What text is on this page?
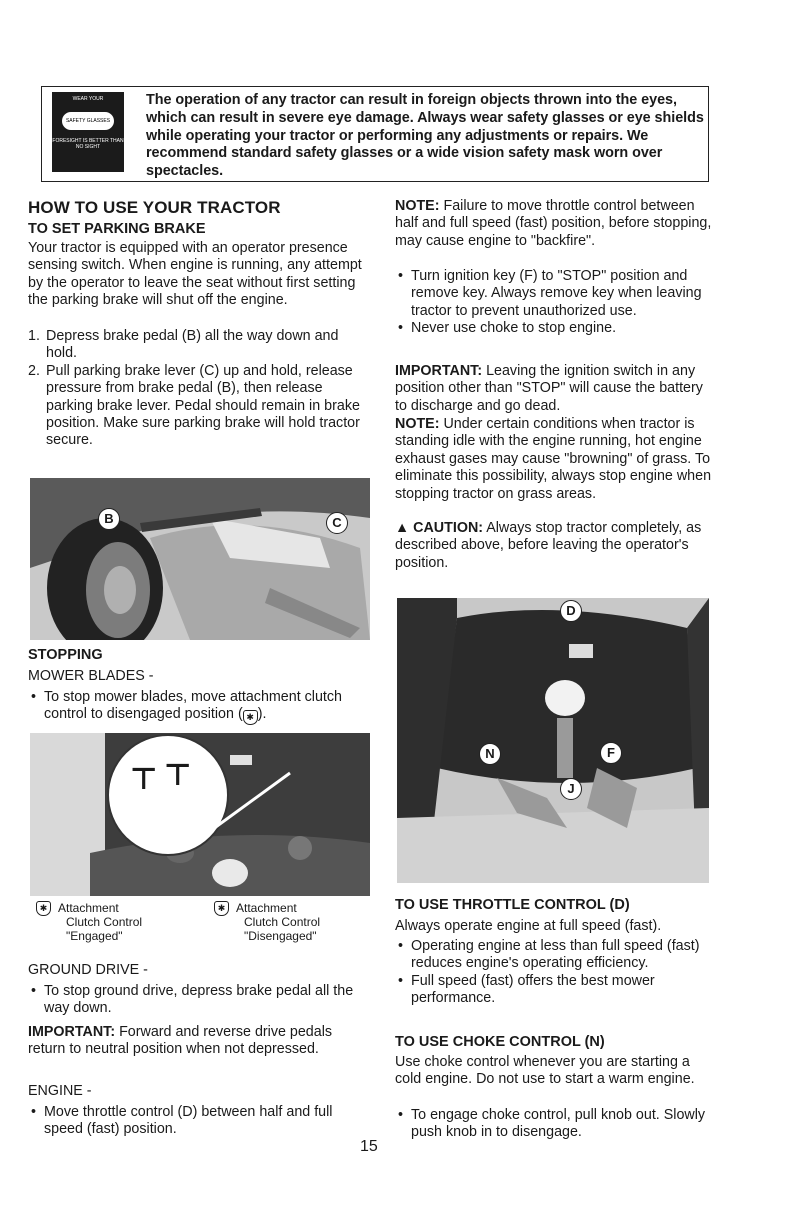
WEAR YOUR
SAFETY GLASSES
FORESIGHT IS BETTER THAN NO SIGHT
The operation of any tractor can result in foreign objects thrown into the eyes, which can result in severe eye damage. Always wear safety glasses or eye shields while operating your tractor or performing any adjustments or repairs. We recommend standard safety glasses or a wide vision safety mask worn over spectacles.
HOW TO USE YOUR TRACTOR
TO SET PARKING BRAKE
Your tractor is equipped with an operator presence sensing switch. When engine is running, any attempt by the operator to leave the seat without first setting the parking brake will shut off the engine.
1. Depress brake pedal (B) all the way down and hold.
2. Pull parking brake lever (C) up and hold, release pressure from brake pedal (B), then release parking brake lever. Pedal should remain in brake position. Make sure parking brake will hold tractor secure.
B	C
STOPPING
MOWER BLADES -
• To stop mower blades, move attachment clutch control to disengaged position ( ✱ ).
⊤ ⊤
✱ Attachment
Clutch Control
"Engaged"
✱ Attachment
Clutch Control
"Disengaged"
GROUND DRIVE -
• To stop ground drive, depress brake pedal all the way down.
IMPORTANT: Forward and reverse drive pedals return to neutral position when not depressed.
ENGINE -
• Move throttle control (D) between half and full speed (fast) position.
NOTE: Failure to move throttle control between half and full speed (fast) position, before stopping, may cause engine to "backfire".
• Turn ignition key (F) to "STOP" position and remove key. Always remove key when leaving tractor to prevent unauthorized use.
• Never use choke to stop engine.
IMPORTANT: Leaving the ignition switch in any position other than "STOP" will cause the battery to discharge and go dead.
NOTE: Under certain conditions when tractor is standing idle with the engine running, hot engine exhaust gases may cause "browning" of grass. To eliminate this possibility, always stop engine when stopping tractor on grass areas.
▲ CAUTION: Always stop tractor completely, as described above, before leaving the operator's position.
D
N	F
J
TO USE THROTTLE CONTROL (D)
Always operate engine at full speed (fast).
• Operating engine at less than full speed (fast) reduces engine's operating efficiency.
• Full speed (fast) offers the best mower performance.
TO USE CHOKE CONTROL (N)
Use choke control whenever you are starting a cold engine. Do not use to start a warm engine.
• To engage choke control, pull knob out. Slowly push knob in to disengage.
15
